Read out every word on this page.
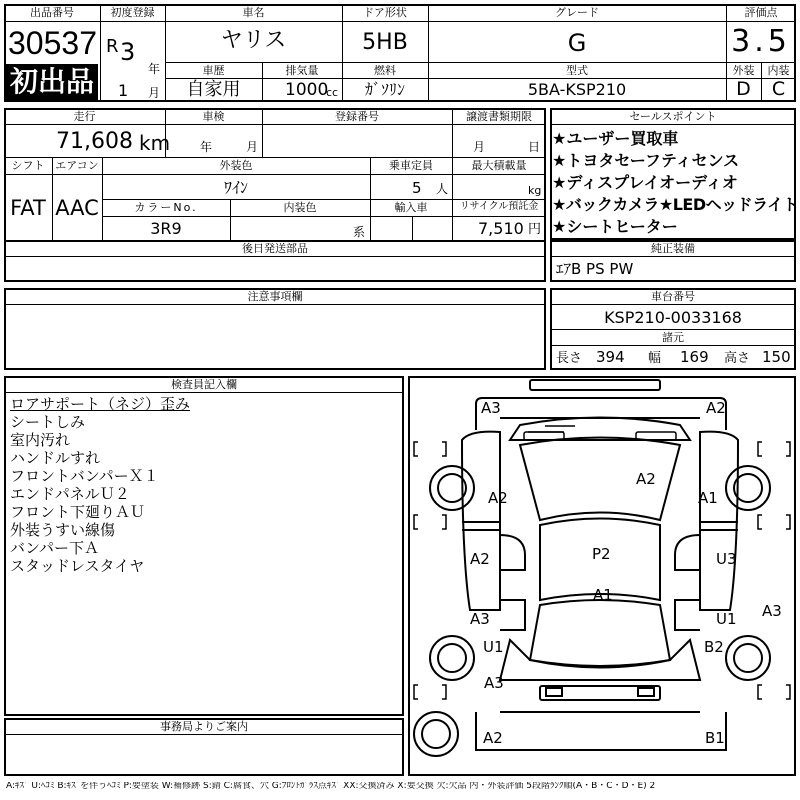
出品番号
30537
初出品
初度登録
R 3
年
1 月
車名
ヤリス
車歴
自家用
排気量
1000
cc
ドア形状
5HB
燃料
ｶﾞｿﾘﾝ
グレード
G
型式
5BA-KSP210
評価点
3.5
外装
D
内装
C
走行
71,608 km
車検
年	月
登録番号	譲渡書類期限
月	日
シフト
FAT
エアコン
AAC
外装色
ﾜｲﾝ
乗車定員
5 人
最大積載量
kg
カラーNo.
3R9
内装色
系
輸入車	リサイクル預託金
7,510 円
後日発送部品
注意事項欄
セールスポイント
★ユーザー買取車
★トヨタセーフティセンス
★ディスプレイオーディオ
★バックカメラ★LEDヘッドライト
★シートヒーター
純正装備
ｴｱB PS PW
車台番号
KSP210-0033168
諸元
長さ 394 幅 169 高さ 150
検査員記入欄
ロアサポート（ネジ）歪み
シートしみ
室内汚れ
ハンドルすれ
フロントバンパーＸ１
エンドパネルＵ２
フロント下廻りＡＵ
外装うすい線傷
バンパー下Ａ
スタッドレスタイヤ
事務局よりご案内
A3	A2
A2
A2	A1
A2	U3
P2
A1
A3	U1 A3
U1	B2
A3
A2	B1
A:ｷｽﾞ U:ﾍｺﾐ B:ｷｽﾞを伴うﾍｺﾐ P:要塗装 W:補修跡 S:錆 C:腐食、穴 G:ﾌﾛﾝﾄｶﾞﾗｽ点ｷｽﾞ XX:交換済み X:要交換 欠:欠品 内・外装評価 5段階ﾗﾝｸ順(A・B・C・D・E) 2
